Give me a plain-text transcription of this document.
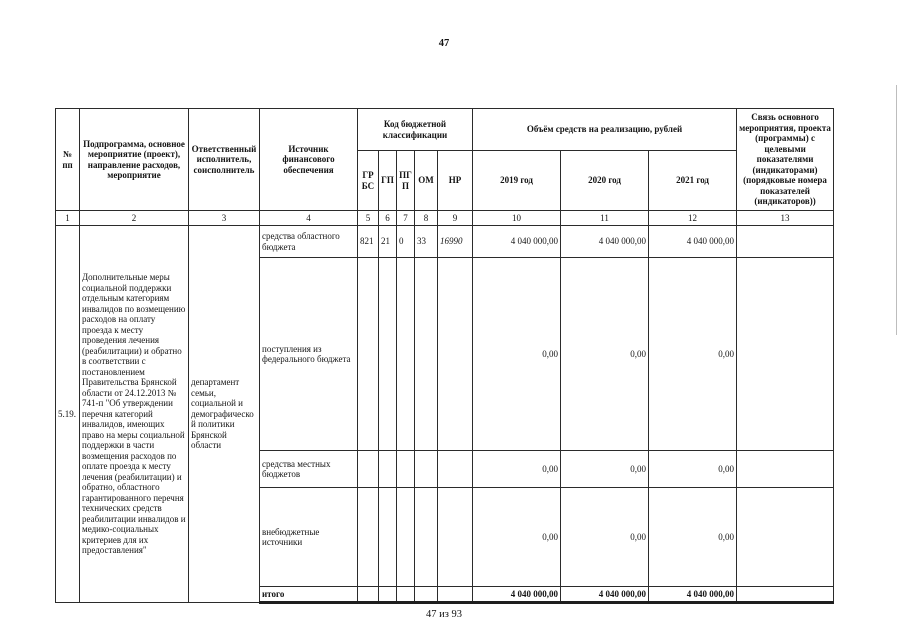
47
№ пп	Подпрограмма, основное мероприятие (проект), направление расходов, мероприятие	Ответственный исполнитель, соисполнитель	Источник финансового обеспечения	Код бюджетной классификации					Объём средств на реализацию, рублей			Связь основного мероприятия, проекта (программы) с целевыми показателями (индикаторами) (порядковые номера показателей (индикаторов))
				ГРБС	ГП	ПГП	ОМ	НР	2019 год	2020 год	2021 год	
1	2	3	4	5	6	7	8	9	10	11	12	13
5.19.	Дополнительные меры социальной поддержки отдельным категориям инвалидов по возмещению расходов на оплату проезда к месту проведения лечения (реабилитации) и обратно в соответствии с постановлением Правительства Брянской области от 24.12.2013 № 741-п "Об утверждении перечня категорий инвалидов, имеющих право на меры социальной поддержки в части возмещения расходов по оплате проезда к месту лечения (реабилитации) и обратно, областного гарантированного перечня технических средств реабилитации инвалидов и медико-социальных критериев для их предоставления"	департамент семьи, социальной и демографической политики Брянской области	средства областного бюджета	821	21	0	33	16990	4 040 000,00	4 040 000,00	4 040 000,00	
			поступления из федерального бюджета						0,00	0,00	0,00	
			средства местных бюджетов						0,00	0,00	0,00	
			внебюджетные источники						0,00	0,00	0,00	
			итого						4 040 000,00	4 040 000,00	4 040 000,00	
47 из 93
